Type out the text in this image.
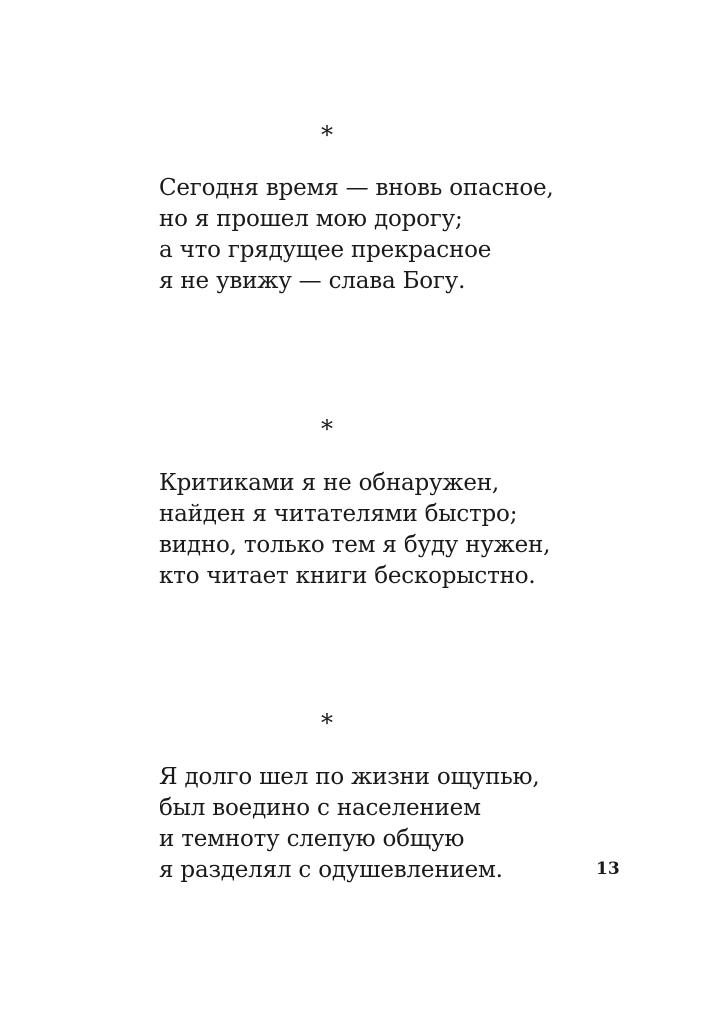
*
Сегодня время — вновь опасное,
но я прошел мою дорогу;
а что грядущее прекрасное
я не увижу — слава Богу.
*
Критиками я не обнаружен,
найден я читателями быстро;
видно, только тем я буду нужен,
кто читает книги бескорыстно.
*
Я долго шел по жизни ощупью,
был воедино с населением
и темноту слепую общую
я разделял с одушевлением.	13
